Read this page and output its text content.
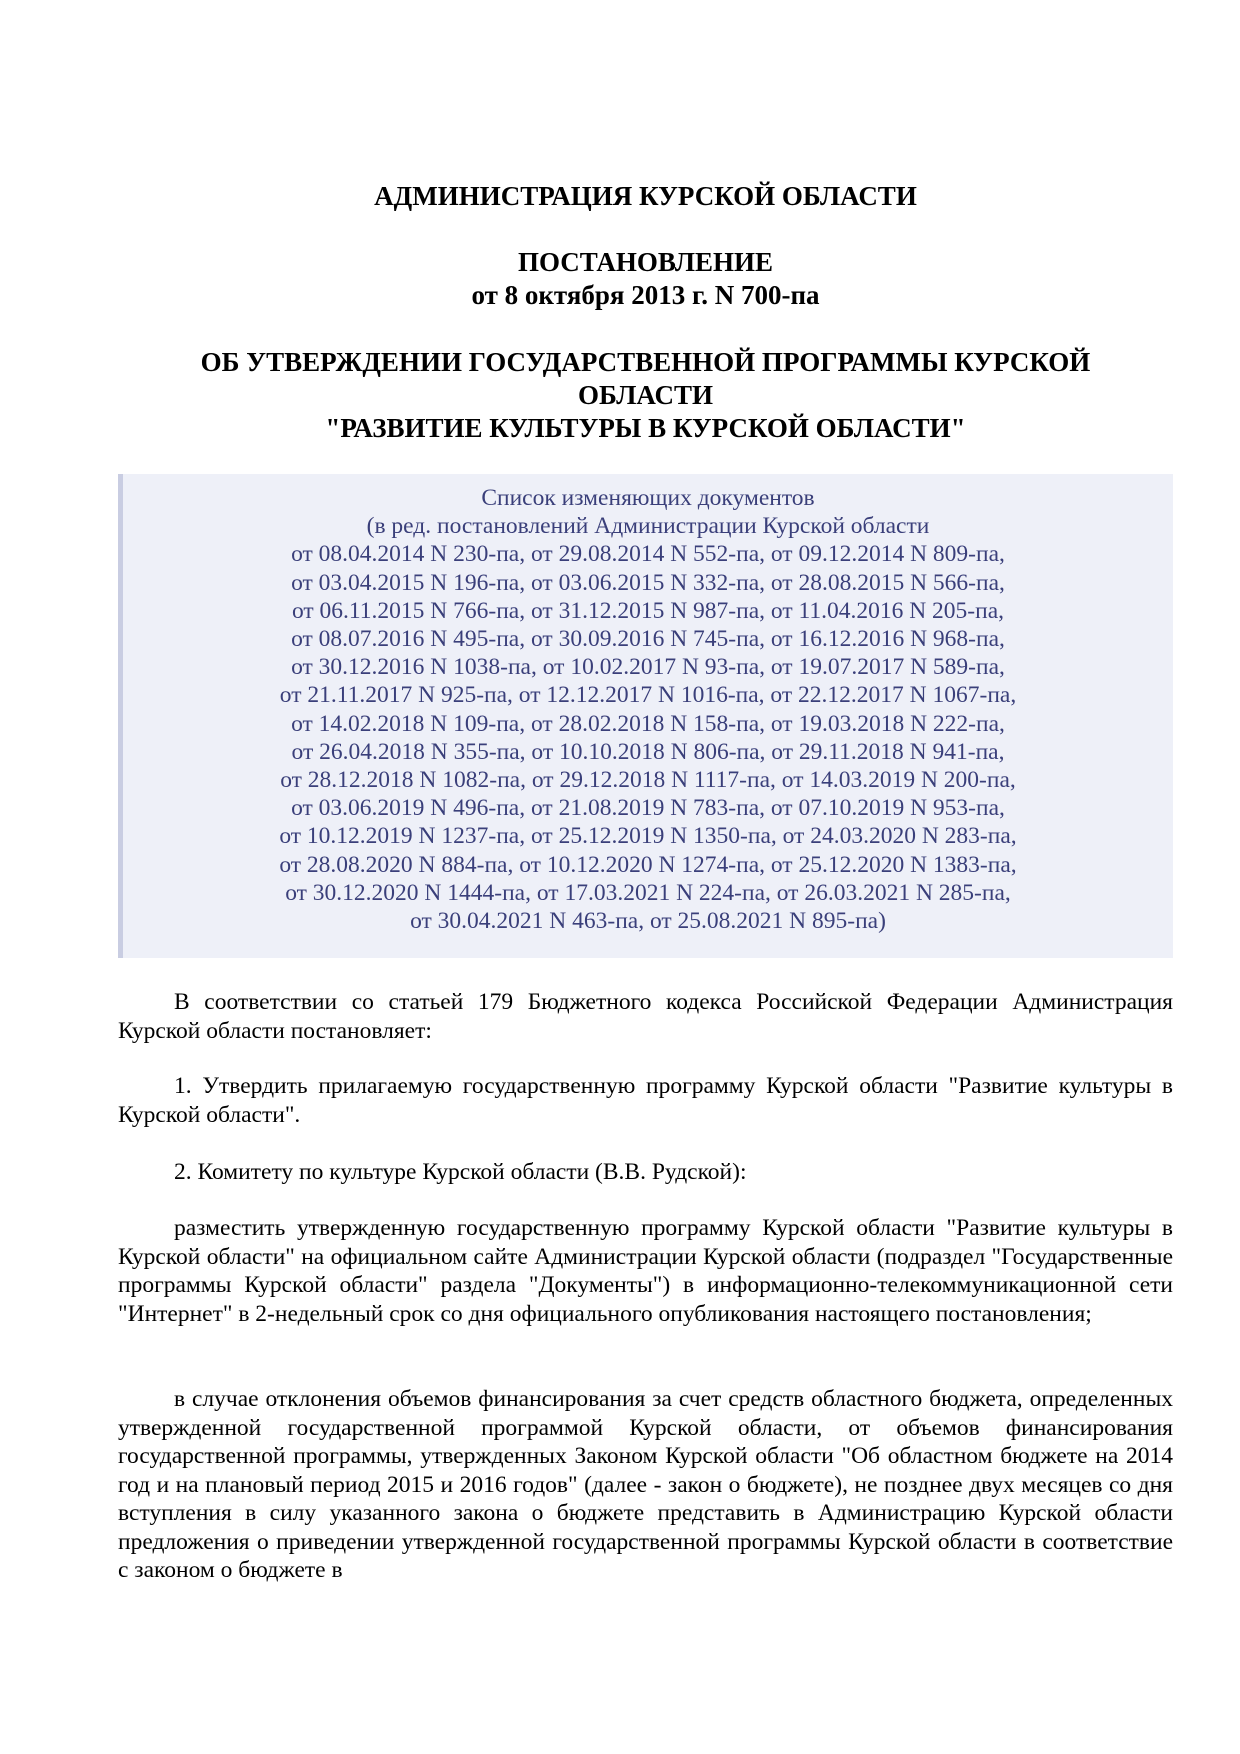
АДМИНИСТРАЦИЯ КУРСКОЙ ОБЛАСТИ
ПОСТАНОВЛЕНИЕ
от 8 октября 2013 г. N 700-па
ОБ УТВЕРЖДЕНИИ ГОСУДАРСТВЕННОЙ ПРОГРАММЫ КУРСКОЙ
ОБЛАСТИ
"РАЗВИТИЕ КУЛЬТУРЫ В КУРСКОЙ ОБЛАСТИ"
Список изменяющих документов
(в ред. постановлений Администрации Курской области
от 08.04.2014 N 230-па, от 29.08.2014 N 552-па, от 09.12.2014 N 809-па,
от 03.04.2015 N 196-па, от 03.06.2015 N 332-па, от 28.08.2015 N 566-па,
от 06.11.2015 N 766-па, от 31.12.2015 N 987-па, от 11.04.2016 N 205-па,
от 08.07.2016 N 495-па, от 30.09.2016 N 745-па, от 16.12.2016 N 968-па,
от 30.12.2016 N 1038-па, от 10.02.2017 N 93-па, от 19.07.2017 N 589-па,
от 21.11.2017 N 925-па, от 12.12.2017 N 1016-па, от 22.12.2017 N 1067-па,
от 14.02.2018 N 109-па, от 28.02.2018 N 158-па, от 19.03.2018 N 222-па,
от 26.04.2018 N 355-па, от 10.10.2018 N 806-па, от 29.11.2018 N 941-па,
от 28.12.2018 N 1082-па, от 29.12.2018 N 1117-па, от 14.03.2019 N 200-па,
от 03.06.2019 N 496-па, от 21.08.2019 N 783-па, от 07.10.2019 N 953-па,
от 10.12.2019 N 1237-па, от 25.12.2019 N 1350-па, от 24.03.2020 N 283-па,
от 28.08.2020 N 884-па, от 10.12.2020 N 1274-па, от 25.12.2020 N 1383-па,
от 30.12.2020 N 1444-па, от 17.03.2021 N 224-па, от 26.03.2021 N 285-па,
от 30.04.2021 N 463-па, от 25.08.2021 N 895-па)

В соответствии со статьей 179 Бюджетного кодекса Российской Федерации Администрация Курской области постановляет:

1. Утвердить прилагаемую государственную программу Курской области "Развитие культуры в Курской области".

2. Комитету по культуре Курской области (В.В. Рудской):

разместить утвержденную государственную программу Курской области "Развитие культуры в Курской области" на официальном сайте Администрации Курской области (подраздел "Государственные программы Курской области" раздела "Документы") в информационно-телекоммуникационной сети "Интернет" в 2-недельный срок со дня официального опубликования настоящего постановления;

в случае отклонения объемов финансирования за счет средств областного бюджета, определенных утвержденной государственной программой Курской области, от объемов финансирования государственной программы, утвержденных Законом Курской области "Об областном бюджете на 2014 год и на плановый период 2015 и 2016 годов" (далее - закон о бюджете), не позднее двух месяцев со дня вступления в силу указанного закона о бюджете представить в Администрацию Курской области предложения о приведении утвержденной государственной программы Курской области в соответствие с законом о бюджете в
